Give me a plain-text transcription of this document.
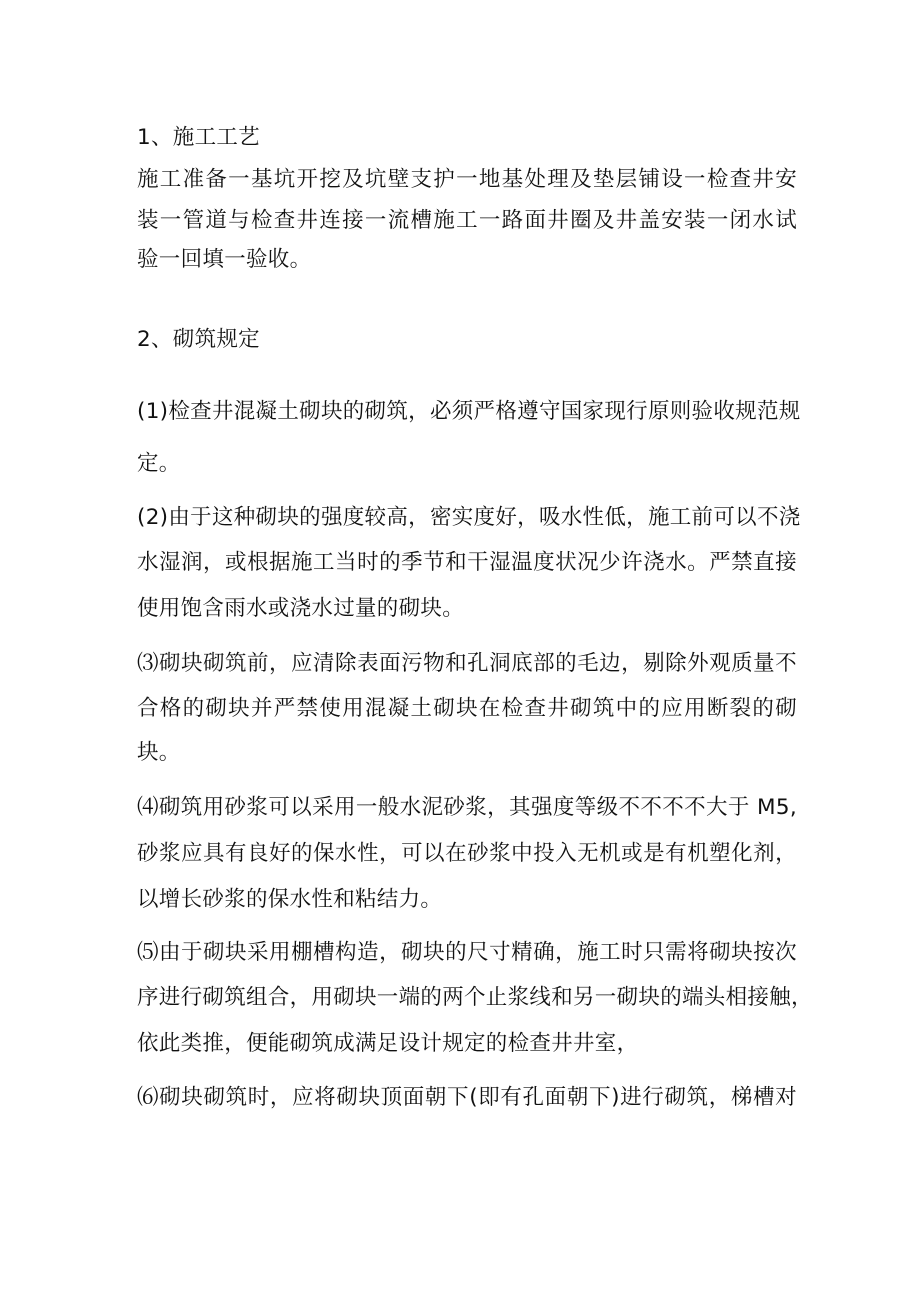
1、施工工艺
施工准备一基坑开挖及坑壁支护一地基处理及垫层铺设一检查井安
装一管道与检查井连接一流槽施工一路面井圈及井盖安装一闭水试
验一回填一验收。
2、砌筑规定
(1)检查井混凝土砌块的砌筑，必须严格遵守国家现行原则验收规范规
定。
(2)由于这种砌块的强度较高，密实度好，吸水性低，施工前可以不浇
水湿润，或根据施工当时的季节和干湿温度状况少许浇水。严禁直接
使用饱含雨水或浇水过量的砌块。
⑶砌块砌筑前，应清除表面污物和孔洞底部的毛边，剔除外观质量不
合格的砌块并严禁使用混凝土砌块在检查井砌筑中的应用断裂的砌
块。
⑷砌筑用砂浆可以采用一般水泥砂浆，其强度等级不不不不大于 M5,
砂浆应具有良好的保水性，可以在砂浆中投入无机或是有机塑化剂，
以增长砂浆的保水性和粘结力。
⑸由于砌块采用棚槽构造，砌块的尺寸精确，施工时只需将砌块按次
序进行砌筑组合，用砌块一端的两个止浆线和另一砌块的端头相接触，
依此类推，便能砌筑成满足设计规定的检查井井室，
⑹砌块砌筑时，应将砌块顶面朝下(即有孔面朝下)进行砌筑，梯槽对
